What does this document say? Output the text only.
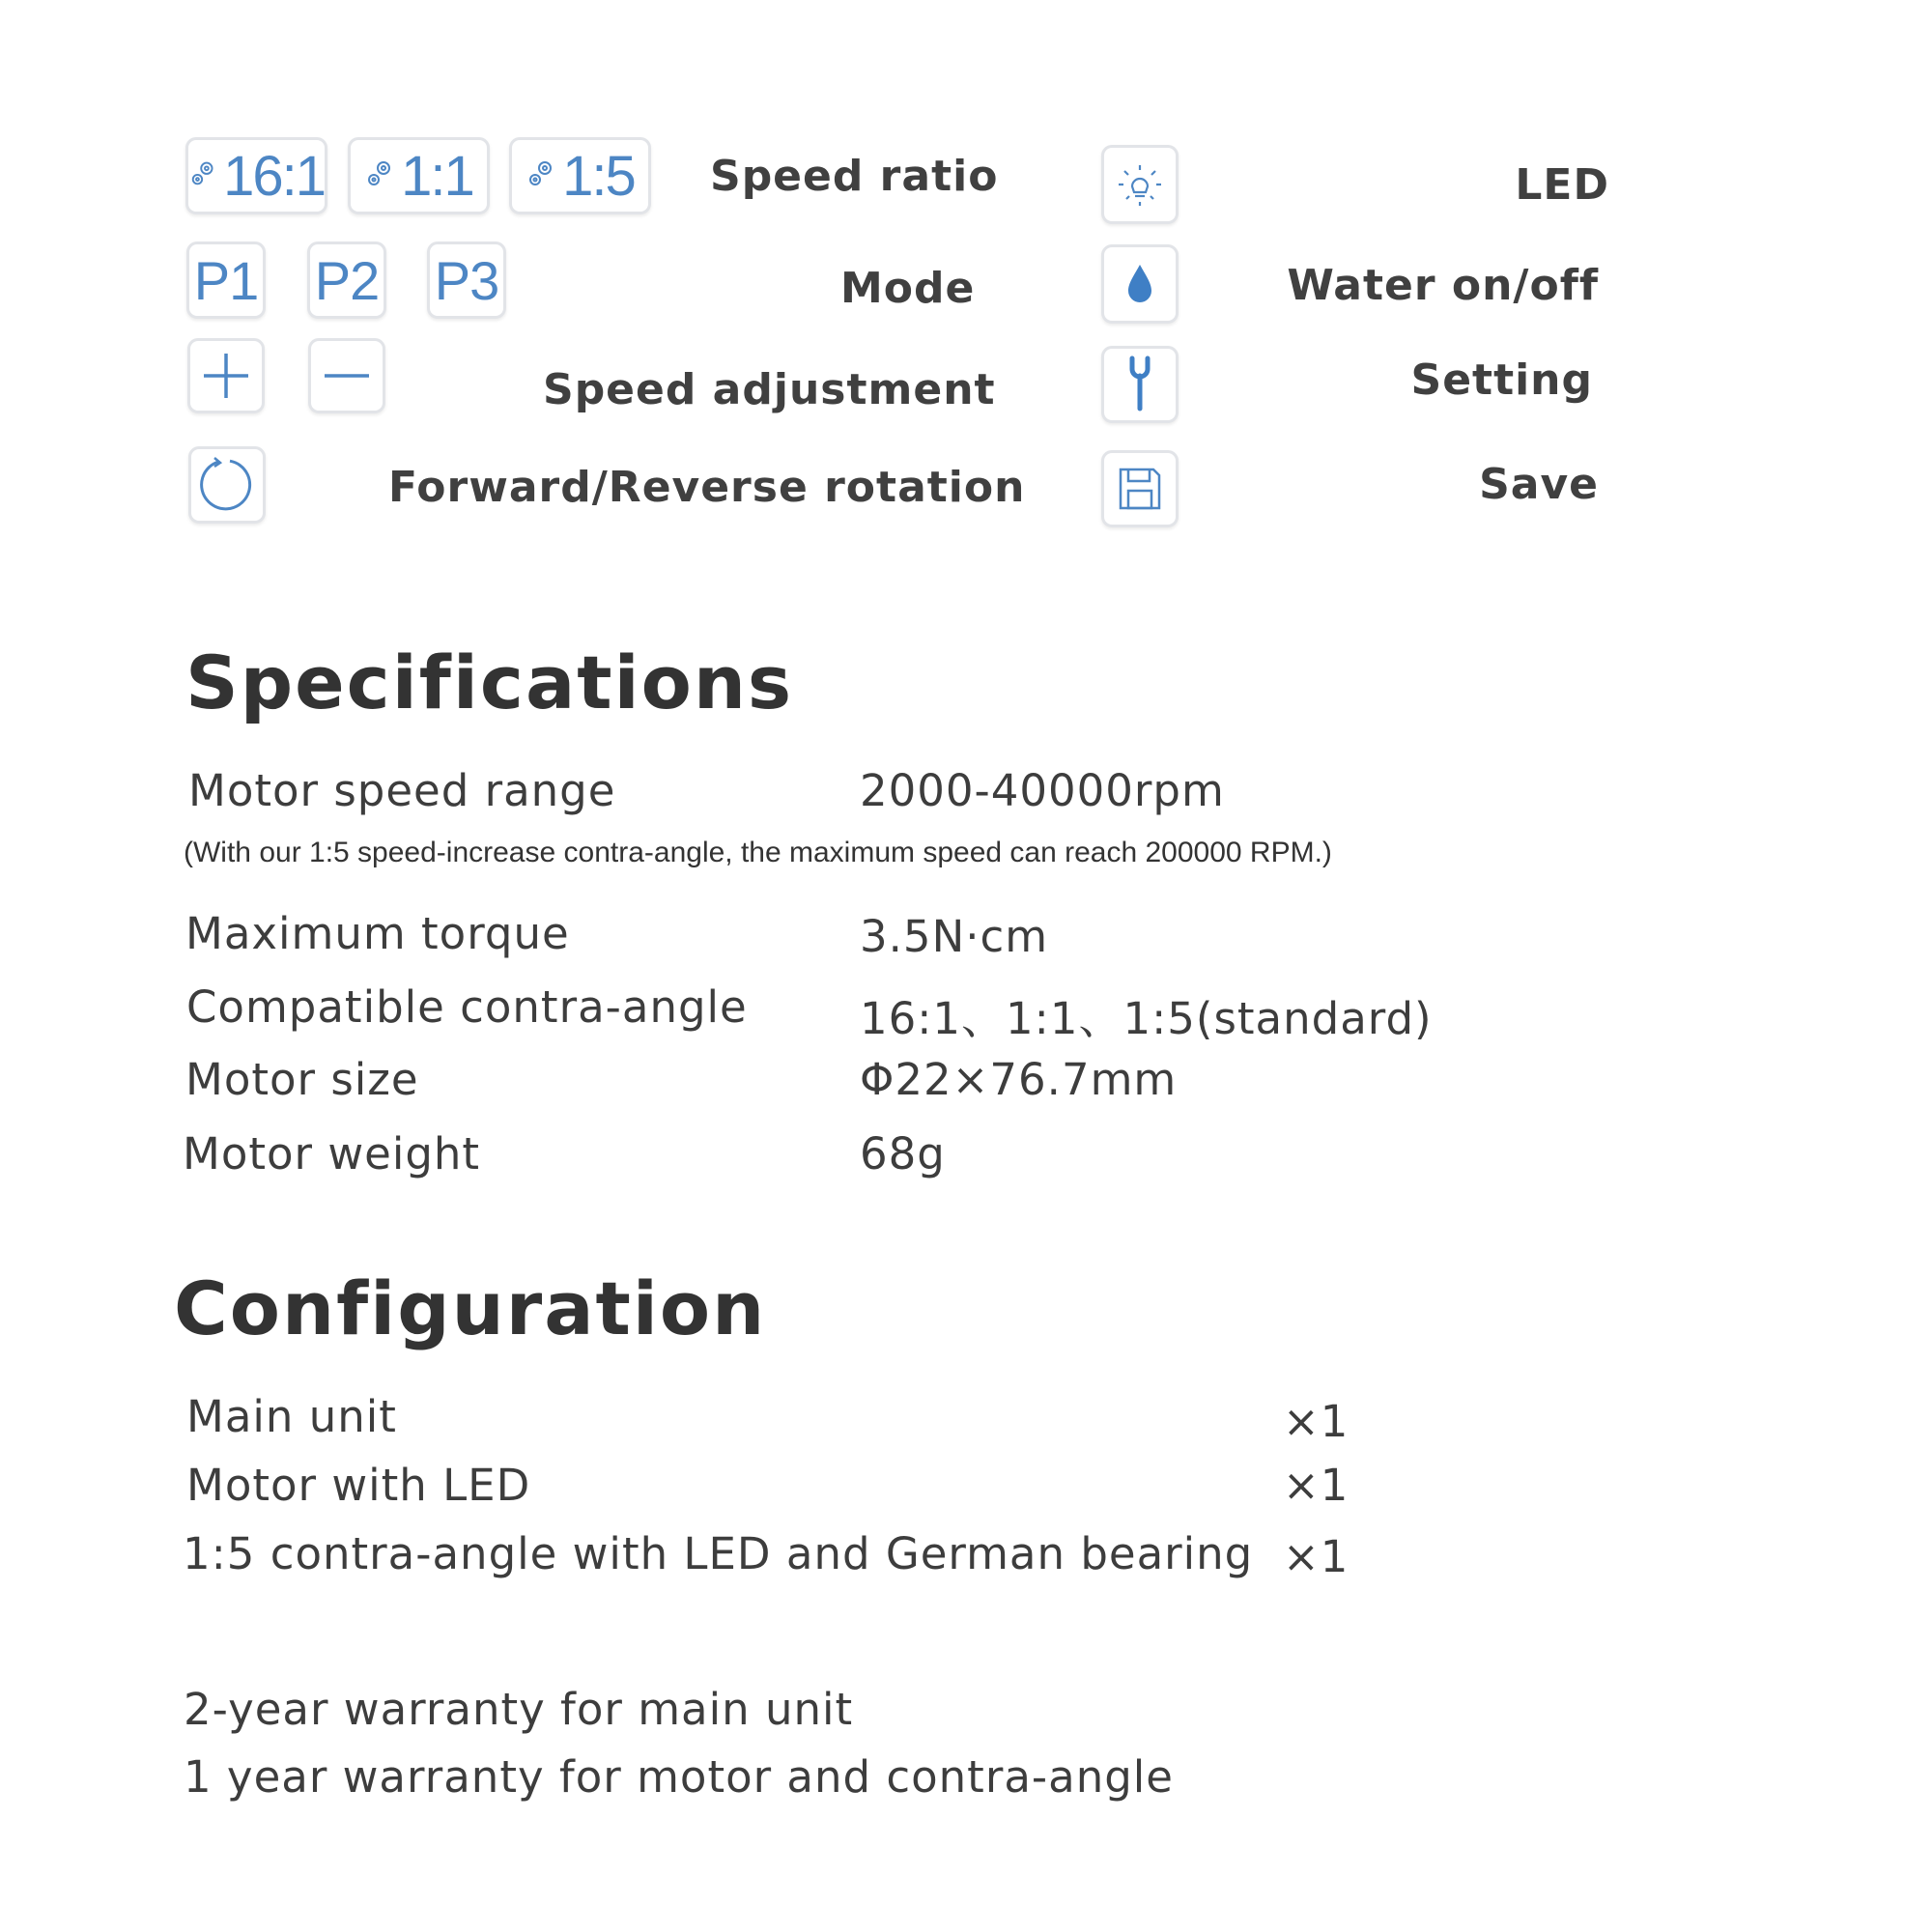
16:1 1:1 1:5 Speed ratio
P1 P2 P3	Mode
Speed adjustment
Forward/Reverse rotation
LED
Water on/off
Setting
Save
Specifications
Motor speed range	2000-40000rpm
(With our 1:5 speed-increase contra-angle, the maximum speed can reach 200000 RPM.)
Maximum torque	3.5N·cm
Compatible contra-angle	16:1、1:1、1:5(standard)
Motor size	Φ22×76.7mm
Motor weight	68g
Configuration
Main unit	×1
Motor with LED	×1
1:5 contra-angle with LED and German bearing ×1
2-year warranty for main unit
1 year warranty for motor and contra-angle
